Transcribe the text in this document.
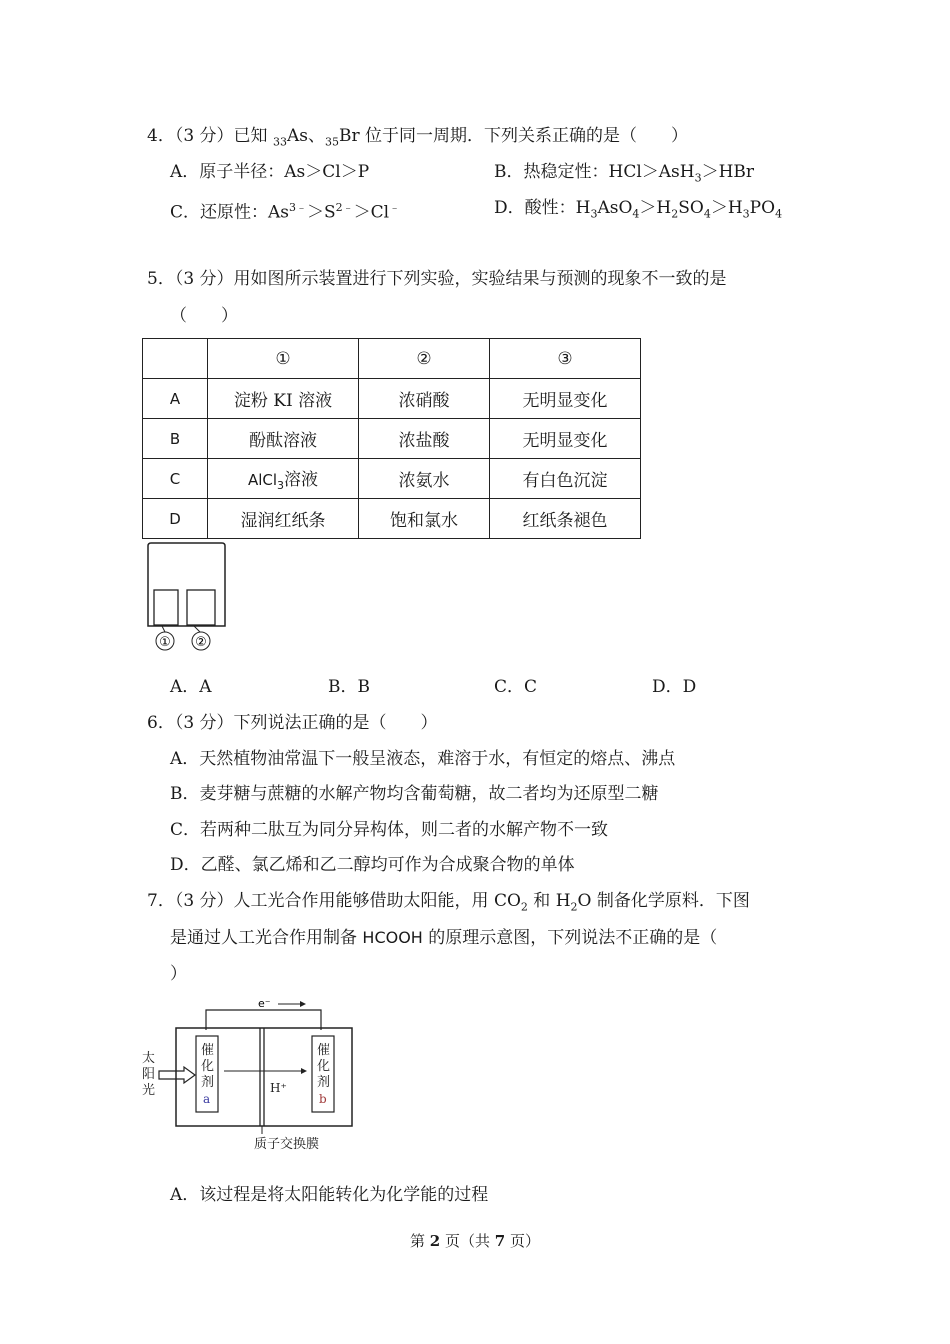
4．（3 分）已知 $_{33}$As、$_{35}$Br 位于同一周期．下列关系正确的是（　　）
A．原子半径：As＞Cl＞P	B．热稳定性：HCl＞AsH$_3$＞HBr
C．还原性：$As^{3﹣}>S^{2﹣}>Cl^﹣$	D．酸性：$H_3AsO_4>H_2SO_4>H_3PO_4$
5．（3 分）用如图所示装置进行下列实验，实验结果与预测的现象不一致的是
（　　）
	①	②	③
A	淀粉 KI 溶液	浓硝酸	无明显变化
B	酚酞溶液	浓盐酸	无明显变化
C	AlCl$_3$溶液	浓氨水	有白色沉淀
D	湿润红纸条	饱和氯水	红纸条褪色
① ②
A．A	B．B	C．C	D．D
6．（3 分）下列说法正确的是（　　）
A．天然植物油常温下一般呈液态，难溶于水，有恒定的熔点、沸点
B．麦芽糖与蔗糖的水解产物均含葡萄糖，故二者均为还原型二糖
C．若两种二肽互为同分异构体，则二者的水解产物不一致
D．乙醛、氯乙烯和乙二醇均可作为合成聚合物的单体
7．（3 分）人工光合作用能够借助太阳能，用 $CO_2$ 和 $H_2O$ 制备化学原料．下图
是通过人工光合作用制备 HCOOH 的原理示意图，下列说法不正确的是（
）
e⁻
催
化
剂
a
催
化
剂
b
太
阳
光	H⁺
质子交换膜
A．该过程是将太阳能转化为化学能的过程
第 2 页（共 7 页）
